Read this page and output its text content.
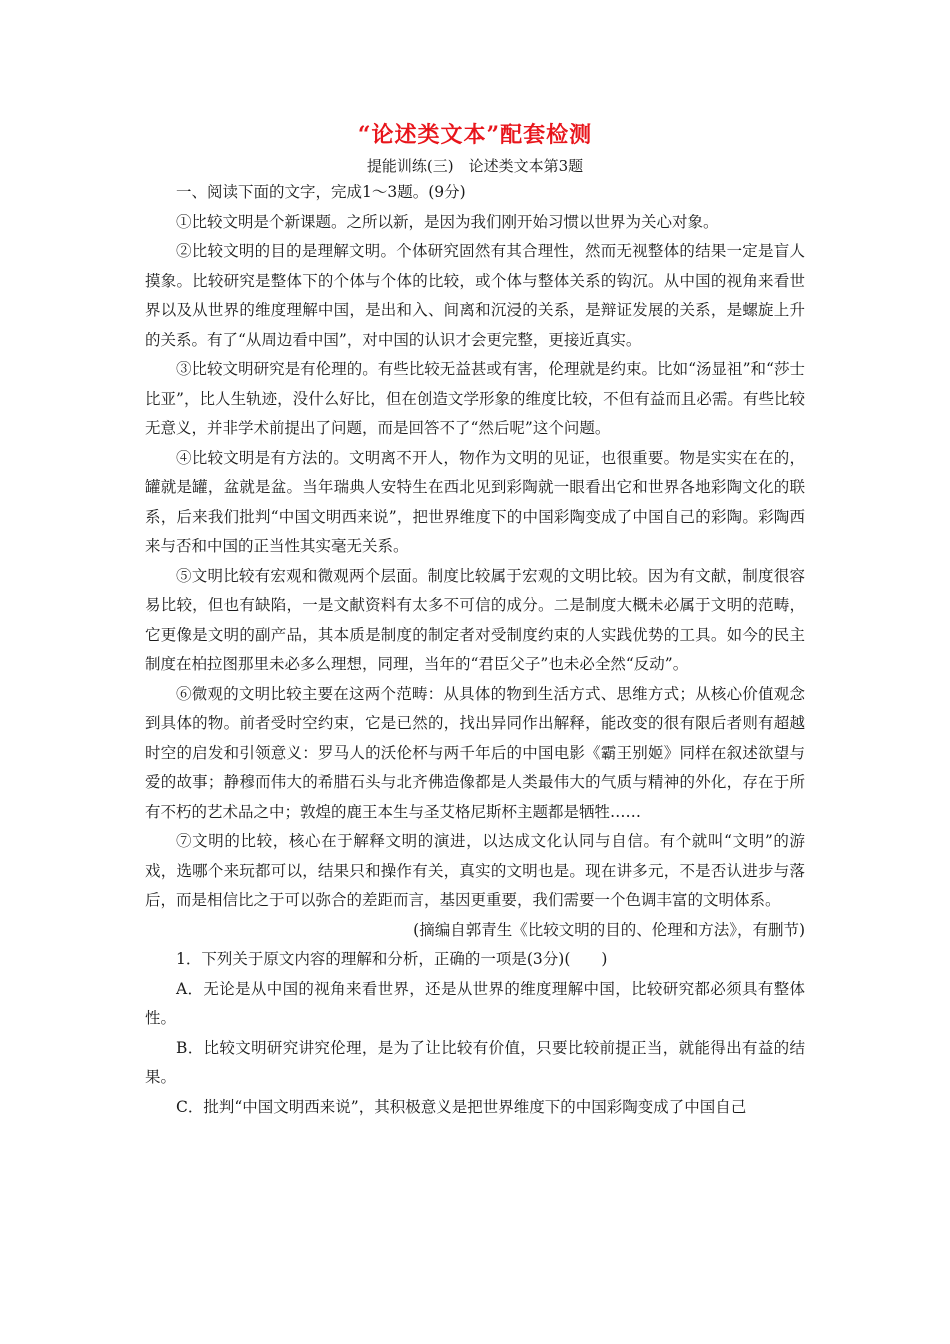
“论述类文本”配套检测

提能训练(三)　论述类文本第3题

一、阅读下面的文字，完成1～3题。(9分)

①比较文明是个新课题。之所以新，是因为我们刚开始习惯以世界为关心对象。

②比较文明的目的是理解文明。个体研究固然有其合理性，然而无视整体的结果一定是盲人摸象。比较研究是整体下的个体与个体的比较，或个体与整体关系的钩沉。从中国的视角来看世界以及从世界的维度理解中国，是出和入、间离和沉浸的关系，是辩证发展的关系，是螺旋上升的关系。有了“从周边看中国”，对中国的认识才会更完整，更接近真实。

③比较文明研究是有伦理的。有些比较无益甚或有害，伦理就是约束。比如“汤显祖”和“莎士比亚”，比人生轨迹，没什么好比，但在创造文学形象的维度比较，不但有益而且必需。有些比较无意义，并非学术前提出了问题，而是回答不了“然后呢”这个问题。

④比较文明是有方法的。文明离不开人，物作为文明的见证，也很重要。物是实实在在的，罐就是罐，盆就是盆。当年瑞典人安特生在西北见到彩陶就一眼看出它和世界各地彩陶文化的联系，后来我们批判“中国文明西来说”，把世界维度下的中国彩陶变成了中国自己的彩陶。彩陶西来与否和中国的正当性其实毫无关系。

⑤文明比较有宏观和微观两个层面。制度比较属于宏观的文明比较。因为有文献，制度很容易比较，但也有缺陷，一是文献资料有太多不可信的成分。二是制度大概未必属于文明的范畴，它更像是文明的副产品，其本质是制度的制定者对受制度约束的人实践优势的工具。如今的民主制度在柏拉图那里未必多么理想，同理，当年的“君臣父子”也未必全然“反动”。

⑥微观的文明比较主要在这两个范畴：从具体的物到生活方式、思维方式；从核心价值观念到具体的物。前者受时空约束，它是已然的，找出异同作出解释，能改变的很有限后者则有超越时空的启发和引领意义：罗马人的沃伦杯与两千年后的中国电影《霸王别姬》同样在叙述欲望与爱的故事；静穆而伟大的希腊石头与北齐佛造像都是人类最伟大的气质与精神的外化，存在于所有不朽的艺术品之中；敦煌的鹿王本生与圣艾格尼斯杯主题都是牺牲……

⑦文明的比较，核心在于解释文明的演进，以达成文化认同与自信。有个就叫“文明”的游戏，选哪个来玩都可以，结果只和操作有关，真实的文明也是。现在讲多元，不是否认进步与落后，而是相信比之于可以弥合的差距而言，基因更重要，我们需要一个色调丰富的文明体系。

(摘编自郭青生《比较文明的目的、伦理和方法》，有删节)

1．下列关于原文内容的理解和分析，正确的一项是(3分)(　　)

A．无论是从中国的视角来看世界，还是从世界的维度理解中国，比较研究都必须具有整体性。

B．比较文明研究讲究伦理，是为了让比较有价值，只要比较前提正当，就能得出有益的结果。

C．批判“中国文明西来说”，其积极意义是把世界维度下的中国彩陶变成了中国自己
